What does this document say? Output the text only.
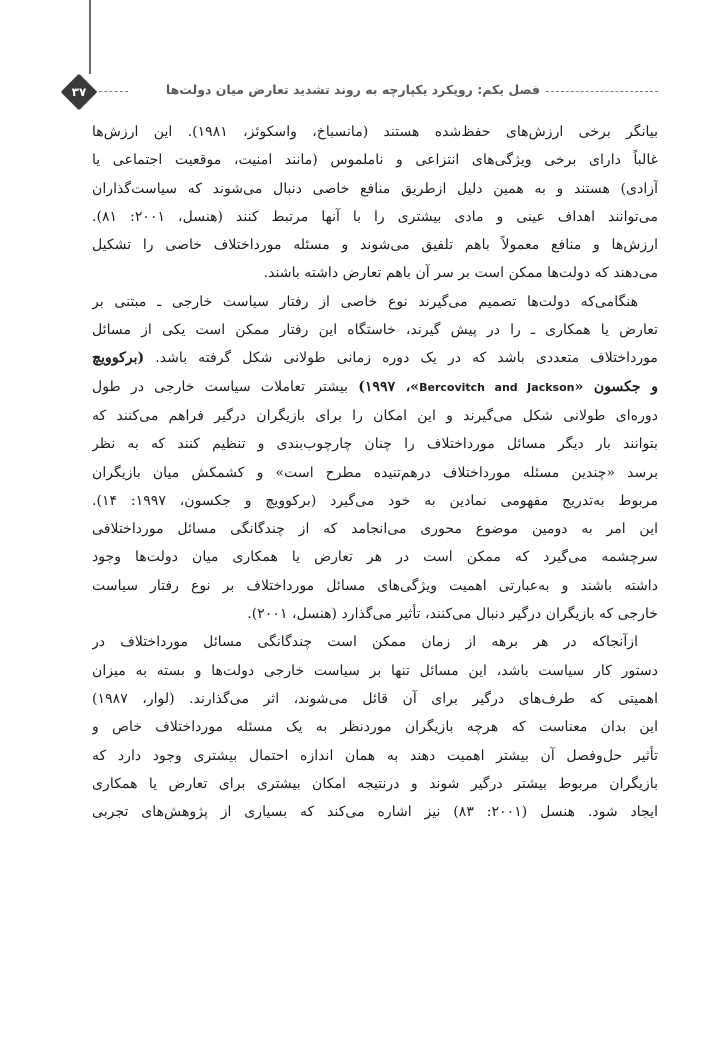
فصل یکم: رویکرد یکپارچه به روند تشدید تعارض میان دولت‌ها
۳۷
بیانگر برخی ارزش‌های حفظ‌شده هستند (مانسباخ، واسکوئز، ۱۹۸۱). این ارزش‌ها
غالباً دارای برخی ویژگی‌های انتزاعی و ناملموس (مانند امنیت، موقعیت اجتماعی یا
آزادی) هستند و به همین دلیل ازطریق منافع خاصی دنبال می‌شوند که سیاست‌گذاران
می‌توانند اهداف عینی و مادی بیشتری را با آنها مرتبط کنند (هنسل، ۲۰۰۱: ۸۱).
ارزش‌ها و منافع معمولاً باهم تلفیق می‌شوند و مسئله مورداختلاف خاصی را تشکیل
می‌دهند که دولت‌ها ممکن است بر سر آن باهم تعارض داشته باشند.
هنگامی‌که دولت‌ها تصمیم می‌گیرند نوع خاصی از رفتار سیاست خارجی ـ مبتنی بر
تعارض یا همکاری ـ را در پیش گیرند، خاستگاه این رفتار ممکن است یکی از مسائل
مورداختلاف متعددی باشد که در یک دوره زمانی طولانی شکل گرفته باشد. (برکوویچ
و جکسون «Bercovitch and Jackson»، ۱۹۹۷) بیشتر تعاملات سیاست خارجی در طول
دوره‌ای طولانی شکل می‌گیرند و این امکان را برای بازیگران درگیر فراهم می‌کنند که
بتوانند بار دیگر مسائل مورداختلاف را چنان چارچوب‌بندی و تنظیم کنند که به نظر
برسد «چندین مسئله مورداختلاف درهم‌تنیده مطرح است» و کشمکش میان بازیگران
مربوط به‌تدریج مفهومی نمادین به خود می‌گیرد (برکوویچ و جکسون، ۱۹۹۷: ۱۴).
این امر به دومین موضوع محوری می‌انجامد که از چندگانگی مسائل مورداختلافی
سرچشمه می‌گیرد که ممکن است در هر تعارض یا همکاری میان دولت‌ها وجود
داشته باشند و به‌عبارتی اهمیت ویژگی‌های مسائل مورداختلاف بر نوع رفتار سیاست
خارجی که بازیگران درگیر دنبال می‌کنند، تأثیر می‌گذارد (هنسل، ۲۰۰۱).
ازآنجاکه در هر برهه از زمان ممکن است چندگانگی مسائل مورداختلاف در
دستور کار سیاست باشد، این مسائل تنها بر سیاست خارجی دولت‌ها و بسته به میزان
اهمیتی که طرف‌های درگیر برای آن قائل می‌شوند، اثر می‌گذارند. (لوار، ۱۹۸۷)
این بدان معناست که هرچه بازیگران موردنظر به یک مسئله مورداختلاف خاص و
تأثیر حل‌وفصل آن بیشتر اهمیت دهند به همان اندازه احتمال بیشتری وجود دارد که
بازیگران مربوط بیشتر درگیر شوند و درنتیجه امکان بیشتری برای تعارض یا همکاری
ایجاد شود. هنسل (۲۰۰۱: ۸۳) نیز اشاره می‌کند که بسیاری از پژوهش‌های تجربی
